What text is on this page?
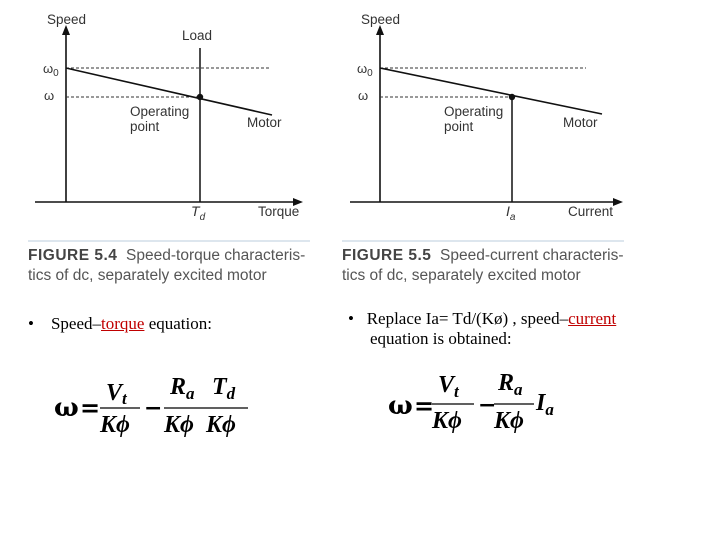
Speed
$\omega_0$
ω
Load
Operating point	Motor
$T_d$	Torque
FIGURE 5.4 Speed-torque characteris-
tics of dc, separately excited motor
Speed
$\omega_0$
ω
Operating point	Motor
$I_a$	Current
FIGURE 5.5 Speed-current characteris-
tics of dc, separately excited motor
• Speed–torque equation:	• Replace Ia= Td/(Kø) , speed–current
equation is obtained:
ω = Vt
Kϕ
−
$R_a$ $T_d$
Kϕ Kϕ
ω =
$V_t$
Kϕ
−
$R_a$
Kϕ
$I_a$
